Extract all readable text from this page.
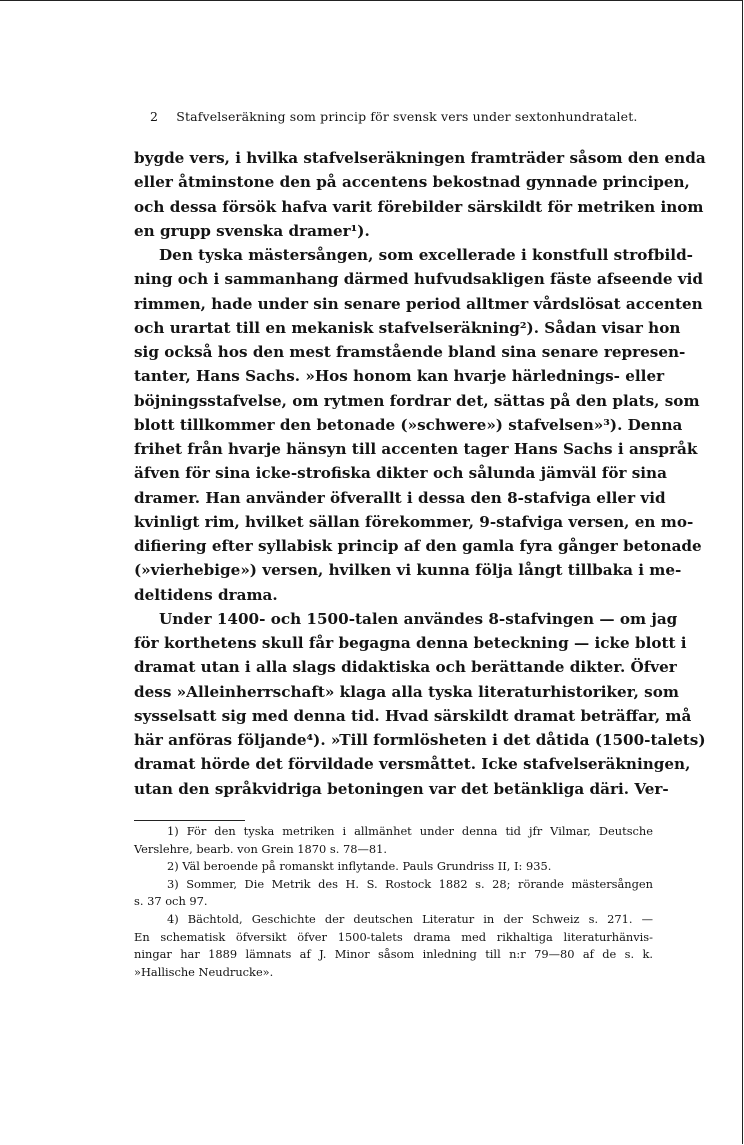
2 Stafvelseräkning som princip för svensk vers under sextonhundratalet.
bygde vers, i hvilka stafvelseräkningen framträder såsom den enda
eller åtminstone den på accentens bekostnad gynnade principen,
och dessa försök hafva varit förebilder särskildt för metriken inom
en grupp svenska dramer¹).
Den tyska mästersången, som excellerade i konstfull strofbild-
ning och i sammanhang därmed hufvudsakligen fäste afseende vid
rimmen, hade under sin senare period alltmer vårdslösat accenten
och urartat till en mekanisk stafvelseräkning²). Sådan visar hon
sig också hos den mest framstående bland sina senare represen-
tanter, Hans Sachs. »Hos honom kan hvarje härlednings- eller
böjningsstafvelse, om rytmen fordrar det, sättas på den plats, som
blott tillkommer den betonade (»schwere») stafvelsen»³). Denna
frihet från hvarje hänsyn till accenten tager Hans Sachs i anspråk
äfven för sina icke-strofiska dikter och sålunda jämväl för sina
dramer. Han använder öfverallt i dessa den 8-stafviga eller vid
kvinligt rim, hvilket sällan förekommer, 9-stafviga versen, en mo-
difiering efter syllabisk princip af den gamla fyra gånger betonade
(»vierhebige») versen, hvilken vi kunna följa långt tillbaka i me-
deltidens drama.
Under 1400- och 1500-talen användes 8-stafvingen — om jag
för korthetens skull får begagna denna beteckning — icke blott i
dramat utan i alla slags didaktiska och berättande dikter. Öfver
dess »Alleinherrschaft» klaga alla tyska literaturhistoriker, som
sysselsatt sig med denna tid. Hvad särskildt dramat beträffar, må
här anföras följande⁴). »Till formlösheten i det dåtida (1500-talets)
dramat hörde det förvildade versmåttet. Icke stafvelseräkningen,
utan den språkvidriga betoningen var det betänkliga däri. Ver-
1) För den tyska metriken i allmänhet under denna tid jfr Vilmar, Deutsche
Verslehre, bearb. von Grein 1870 s. 78—81.
2) Väl beroende på romanskt inflytande. Pauls Grundriss II, I: 935.
3) Sommer, Die Metrik des H. S. Rostock 1882 s. 28; rörande mästersången
s. 37 och 97.
4) Bächtold, Geschichte der deutschen Literatur in der Schweiz s. 271. —
En schematisk öfversikt öfver 1500-talets drama med rikhaltiga literaturhänvis-
ningar har 1889 lämnats af J. Minor såsom inledning till n:r 79—80 af de s. k.
»Hallische Neudrucke».
